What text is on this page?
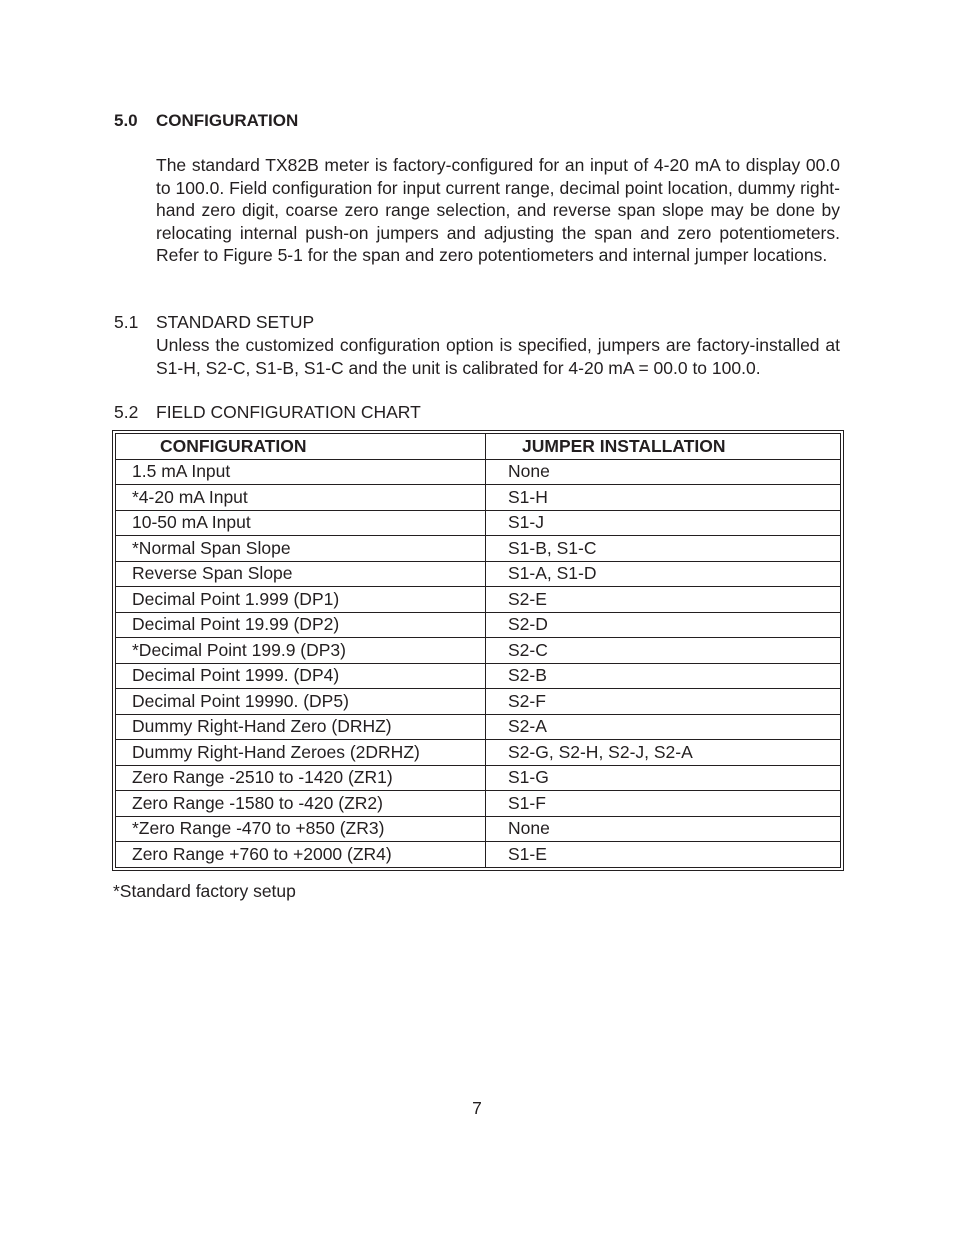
5.0 CONFIGURATION
The standard TX82B meter is factory-configured for an input of 4-20 mA to display 00.0 to 100.0. Field configuration for input current range, decimal point location, dummy right-hand zero digit, coarse zero range selection, and reverse span slope may be done by relocating internal push-on jumpers and adjusting the span and zero potentiometers. Refer to Figure 5-1 for the span and zero potentiometers and internal jumper locations.
5.1 STANDARD SETUP
Unless the customized configuration option is specified, jumpers are factory-installed at S1-H, S2-C, S1-B, S1-C and the unit is calibrated for 4-20 mA = 00.0 to 100.0.
5.2 FIELD CONFIGURATION CHART
CONFIGURATION	JUMPER INSTALLATION
1.5 mA Input	None
*4-20 mA Input	S1-H
10-50 mA Input	S1-J
*Normal Span Slope	S1-B, S1-C
Reverse Span Slope	S1-A, S1-D
Decimal Point 1.999 (DP1)	S2-E
Decimal Point 19.99 (DP2)	S2-D
*Decimal Point 199.9 (DP3)	S2-C
Decimal Point 1999. (DP4)	S2-B
Decimal Point 19990. (DP5)	S2-F
Dummy Right-Hand Zero (DRHZ)	S2-A
Dummy Right-Hand Zeroes (2DRHZ)	S2-G, S2-H, S2-J, S2-A
Zero Range -2510 to -1420 (ZR1)	S1-G
Zero Range -1580 to -420 (ZR2)	S1-F
*Zero Range -470 to +850 (ZR3)	None
Zero Range +760 to +2000 (ZR4)	S1-E
*Standard factory setup
7
